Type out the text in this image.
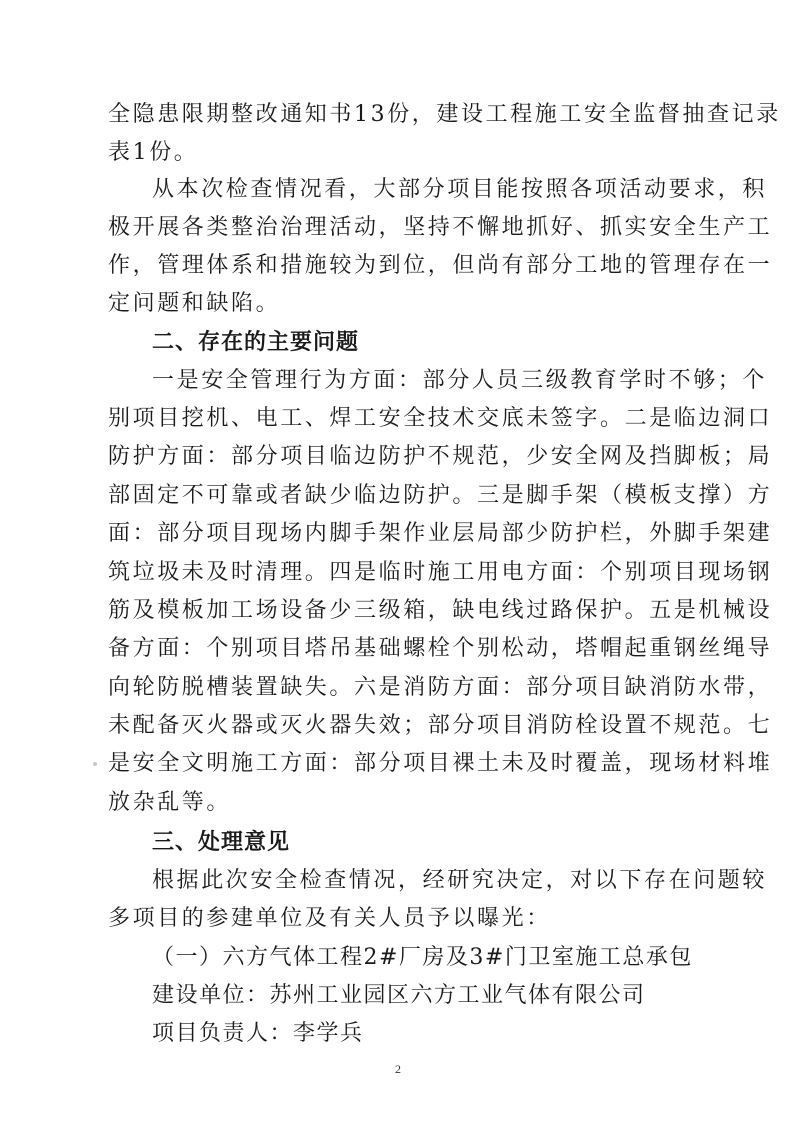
全隐患限期整改通知书13份，建设工程施工安全监督抽查记录
表1份。
从本次检查情况看，大部分项目能按照各项活动要求，积
极开展各类整治治理活动，坚持不懈地抓好、抓实安全生产工
作，管理体系和措施较为到位，但尚有部分工地的管理存在一
定问题和缺陷。
二、存在的主要问题
一是安全管理行为方面：部分人员三级教育学时不够；个
别项目挖机、电工、焊工安全技术交底未签字。二是临边洞口
防护方面：部分项目临边防护不规范，少安全网及挡脚板；局
部固定不可靠或者缺少临边防护。三是脚手架（模板支撑）方
面：部分项目现场内脚手架作业层局部少防护栏，外脚手架建
筑垃圾未及时清理。四是临时施工用电方面：个别项目现场钢
筋及模板加工场设备少三级箱，缺电线过路保护。五是机械设
备方面：个别项目塔吊基础螺栓个别松动，塔帽起重钢丝绳导
向轮防脱槽装置缺失。六是消防方面：部分项目缺消防水带，
未配备灭火器或灭火器失效；部分项目消防栓设置不规范。七
是安全文明施工方面：部分项目裸土未及时覆盖，现场材料堆
放杂乱等。
三、处理意见
根据此次安全检查情况，经研究决定，对以下存在问题较
多项目的参建单位及有关人员予以曝光：
（一）六方气体工程2#厂房及3#门卫室施工总承包
建设单位：苏州工业园区六方工业气体有限公司
项目负责人：李学兵
2
